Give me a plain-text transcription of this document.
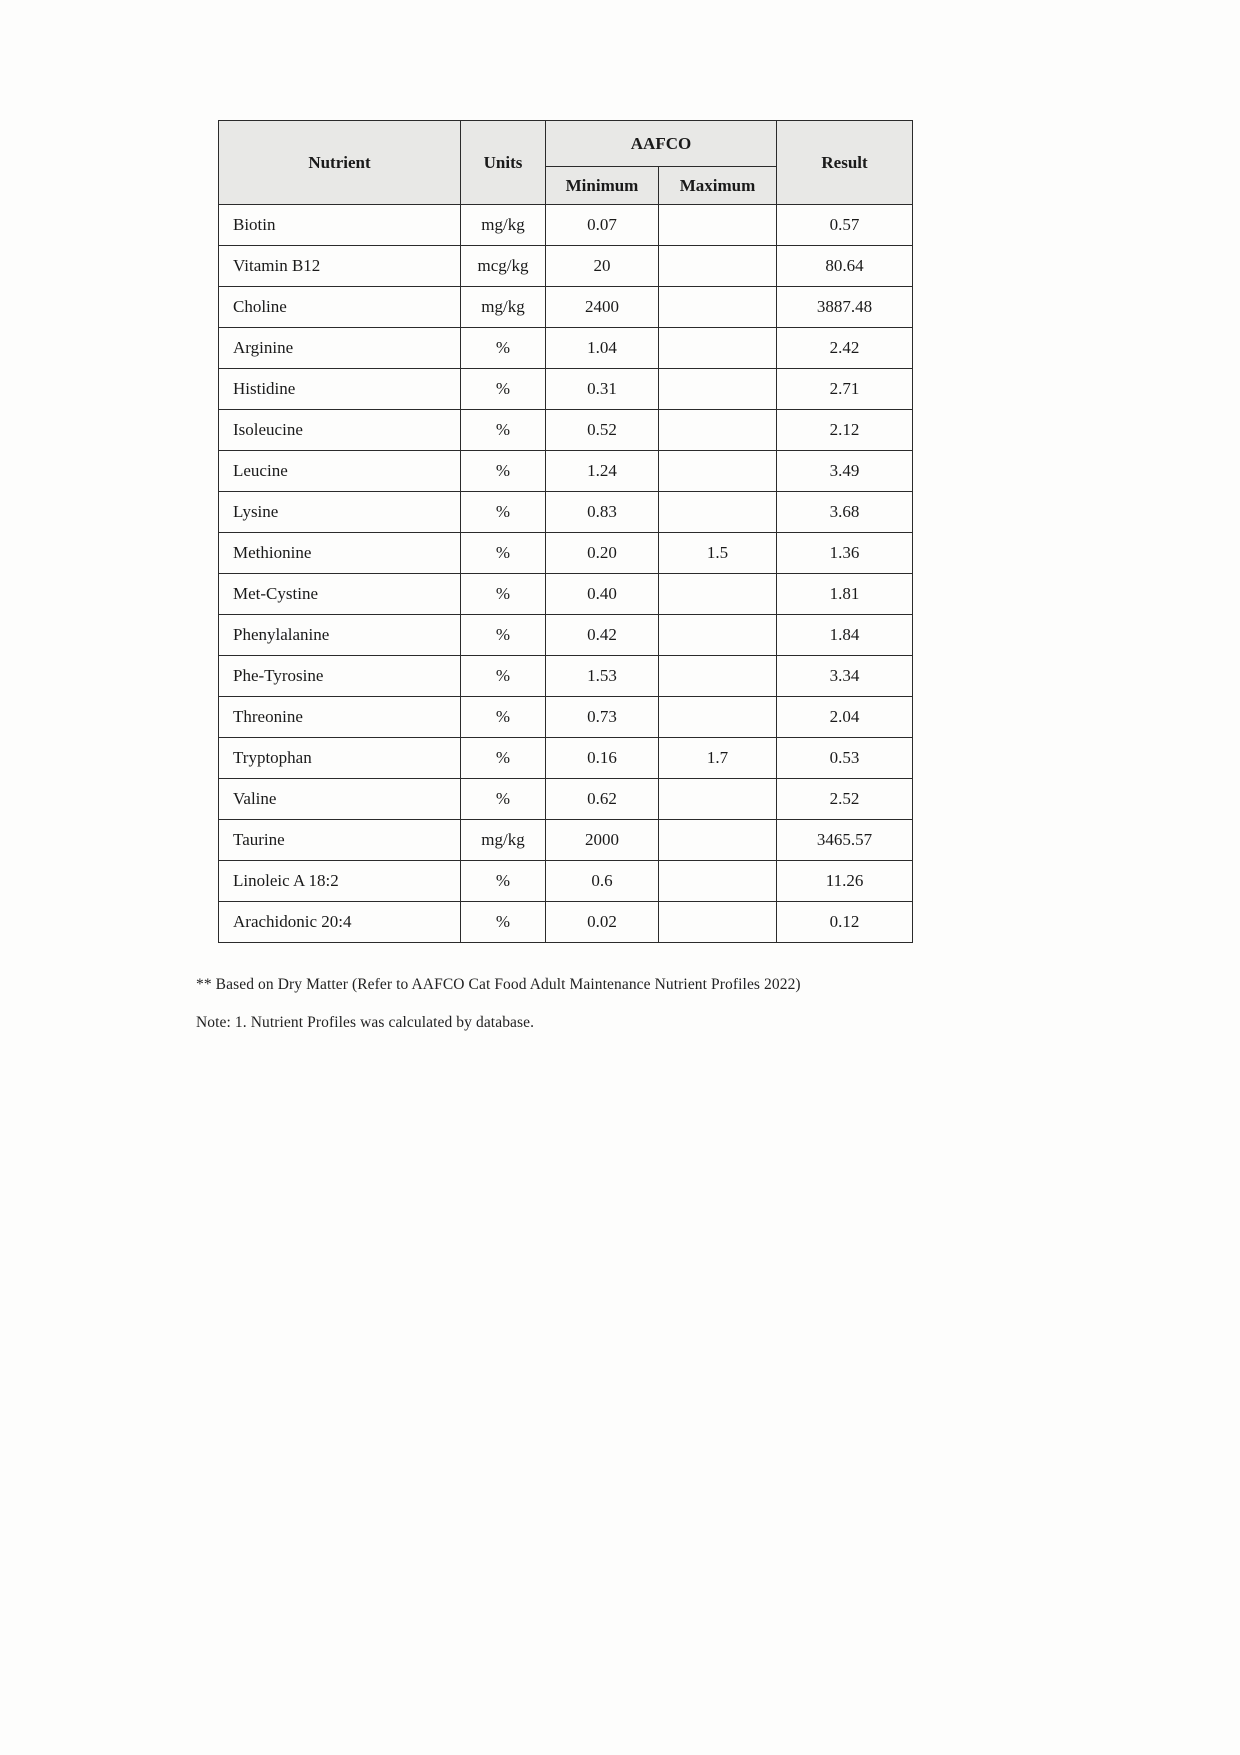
Nutrient	Units	AAFCO		Result
		Minimum	Maximum	
Biotin	mg/kg	0.07		0.57
Vitamin B12	mcg/kg	20		80.64
Choline	mg/kg	2400		3887.48
Arginine	%	1.04		2.42
Histidine	%	0.31		2.71
Isoleucine	%	0.52		2.12
Leucine	%	1.24		3.49
Lysine	%	0.83		3.68
Methionine	%	0.20	1.5	1.36
Met-Cystine	%	0.40		1.81
Phenylalanine	%	0.42		1.84
Phe-Tyrosine	%	1.53		3.34
Threonine	%	0.73		2.04
Tryptophan	%	0.16	1.7	0.53
Valine	%	0.62		2.52
Taurine	mg/kg	2000		3465.57
Linoleic A 18:2	%	0.6		11.26
Arachidonic 20:4	%	0.02		0.12
** Based on Dry Matter (Refer to AAFCO Cat Food Adult Maintenance Nutrient Profiles 2022)
Note: 1. Nutrient Profiles was calculated by database.
